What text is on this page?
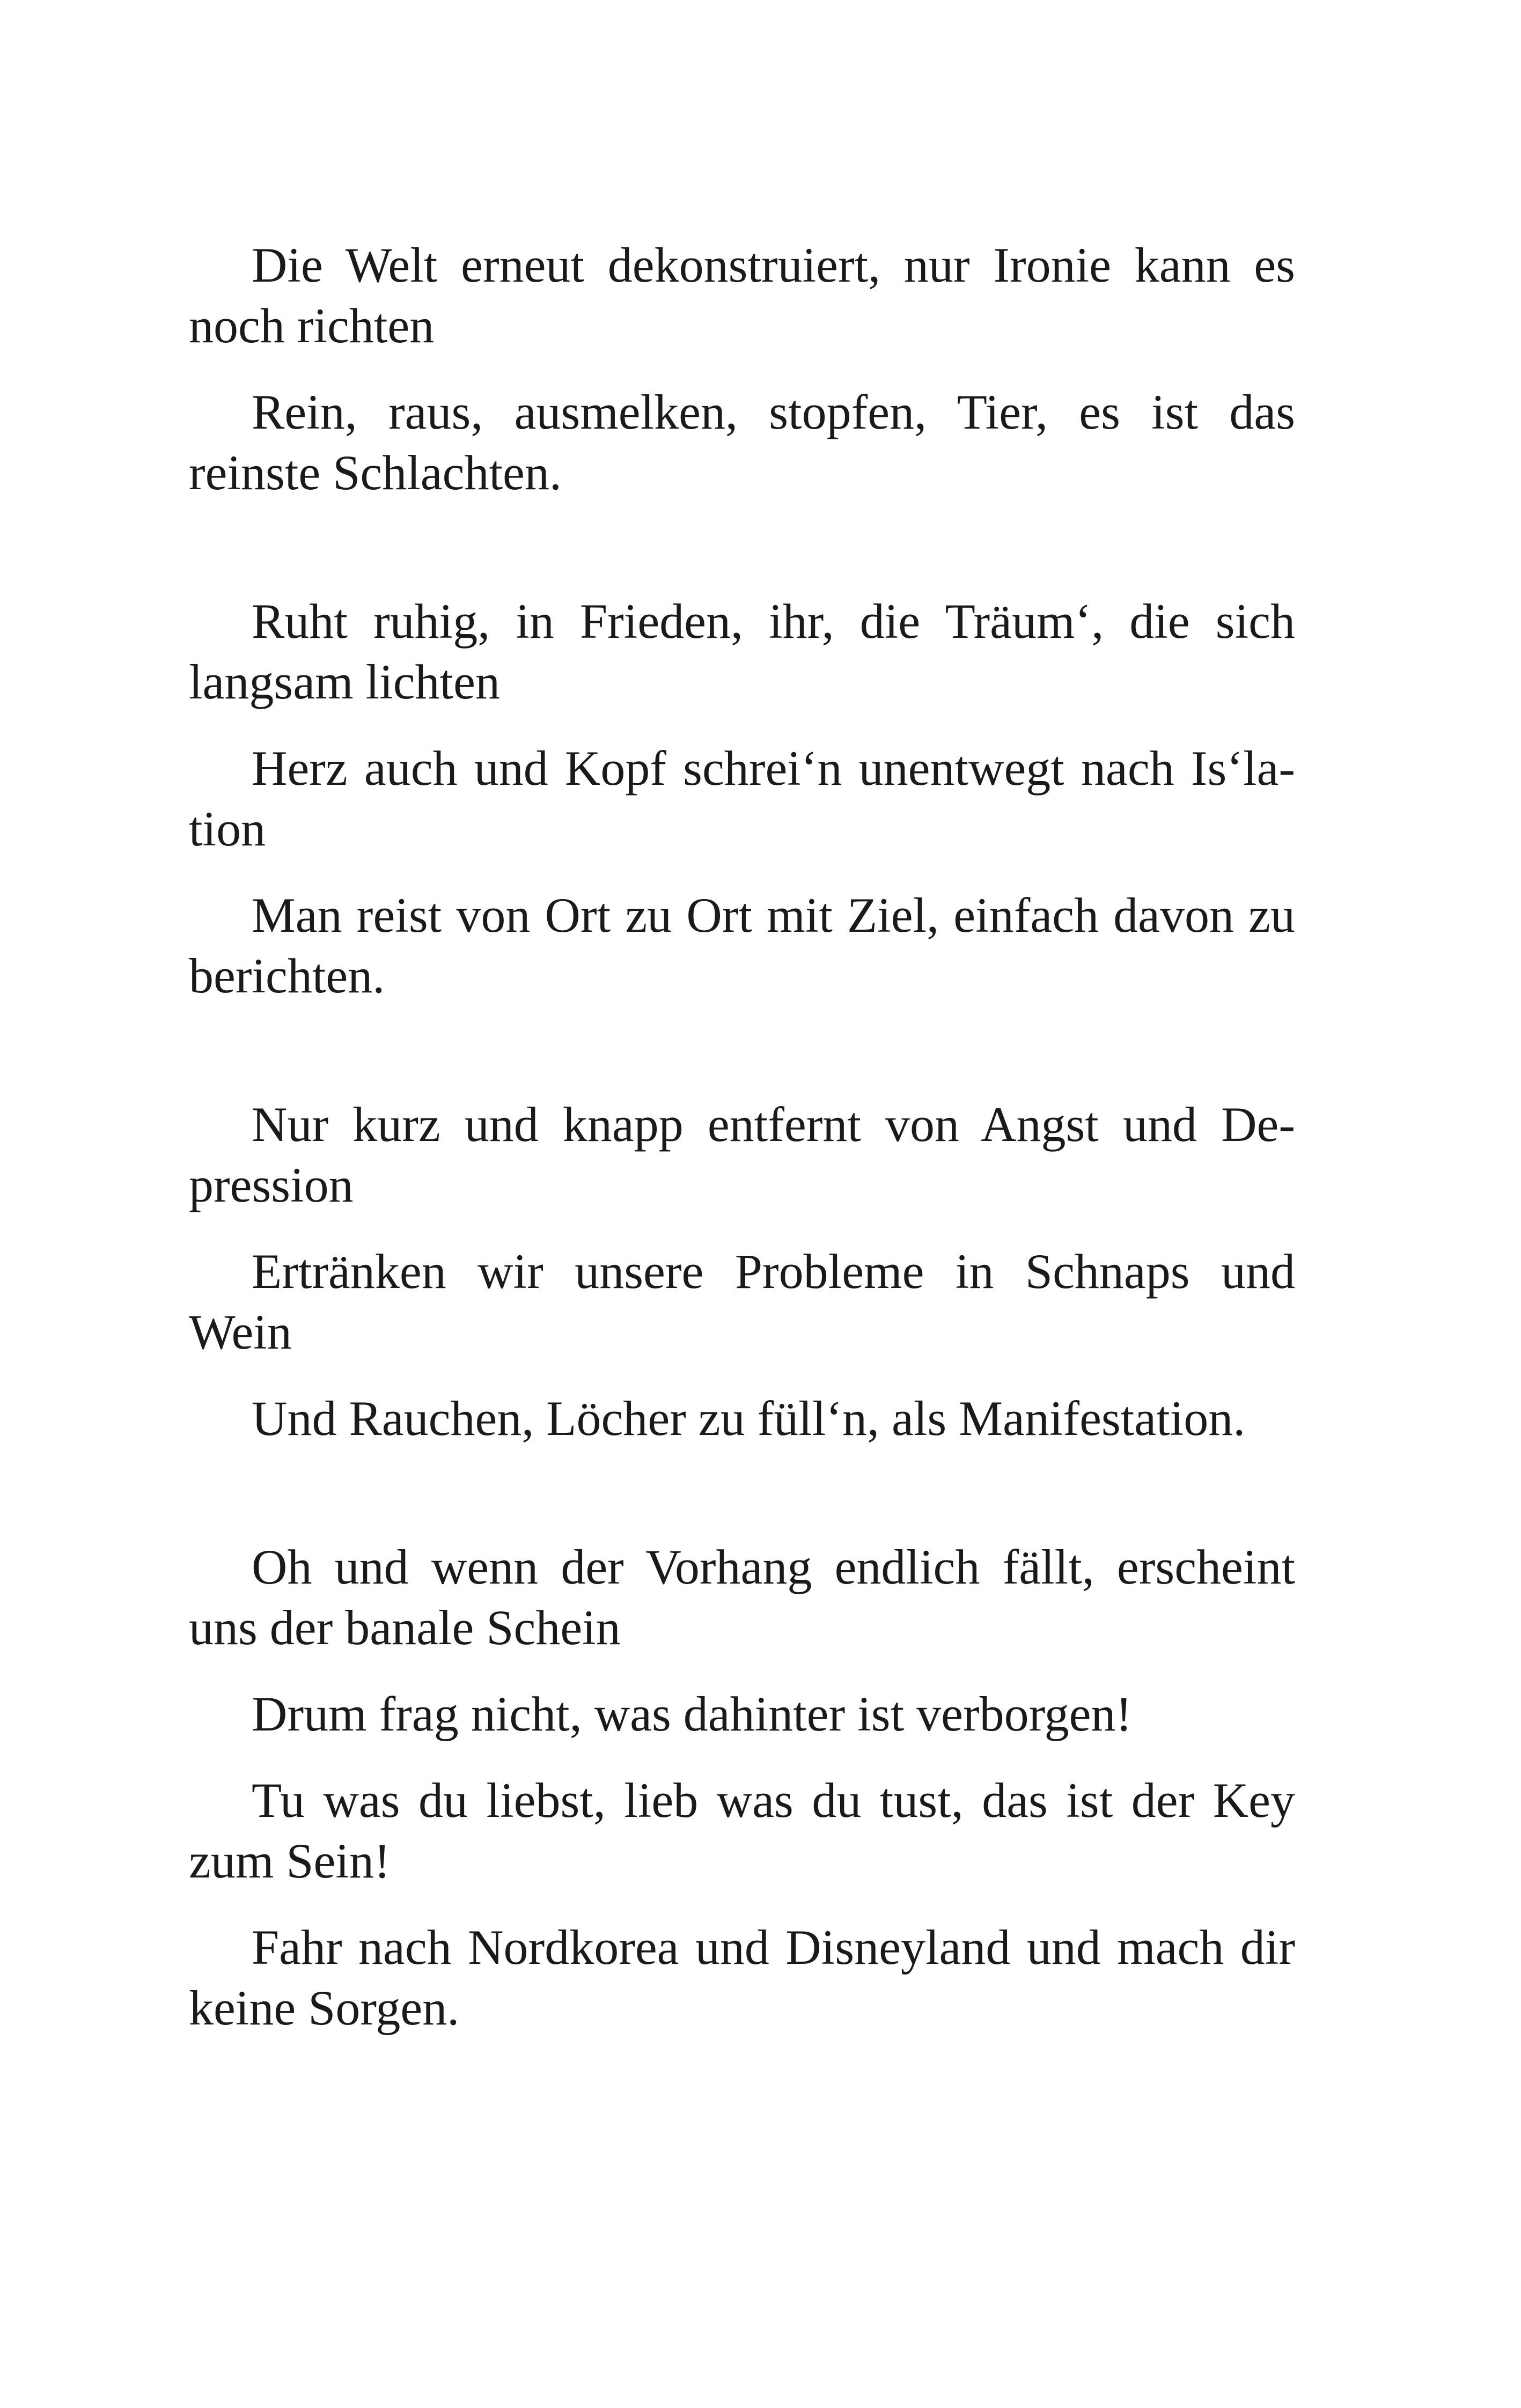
Die Welt erneut dekonstruiert, nur Ironie kann es noch richten

Rein, raus, ausmelken, stopfen, Tier, es ist das reinste Schlachten.

Ruht ruhig, in Frieden, ihr, die Träum‘, die sich langsam lichten

Herz auch und Kopf schrei‘n unentwegt nach Is‘lation

Man reist von Ort zu Ort mit Ziel, einfach davon zu berichten.

Nur kurz und knapp entfernt von Angst und Depression

Ertränken wir unsere Probleme in Schnaps und Wein

Und Rauchen, Löcher zu füll‘n, als Manifestation.

Oh und wenn der Vorhang endlich fällt, erscheint uns der banale Schein

Drum frag nicht, was dahinter ist verborgen!

Tu was du liebst, lieb was du tust, das ist der Key zum Sein!

Fahr nach Nordkorea und Disneyland und mach dir keine Sorgen.
